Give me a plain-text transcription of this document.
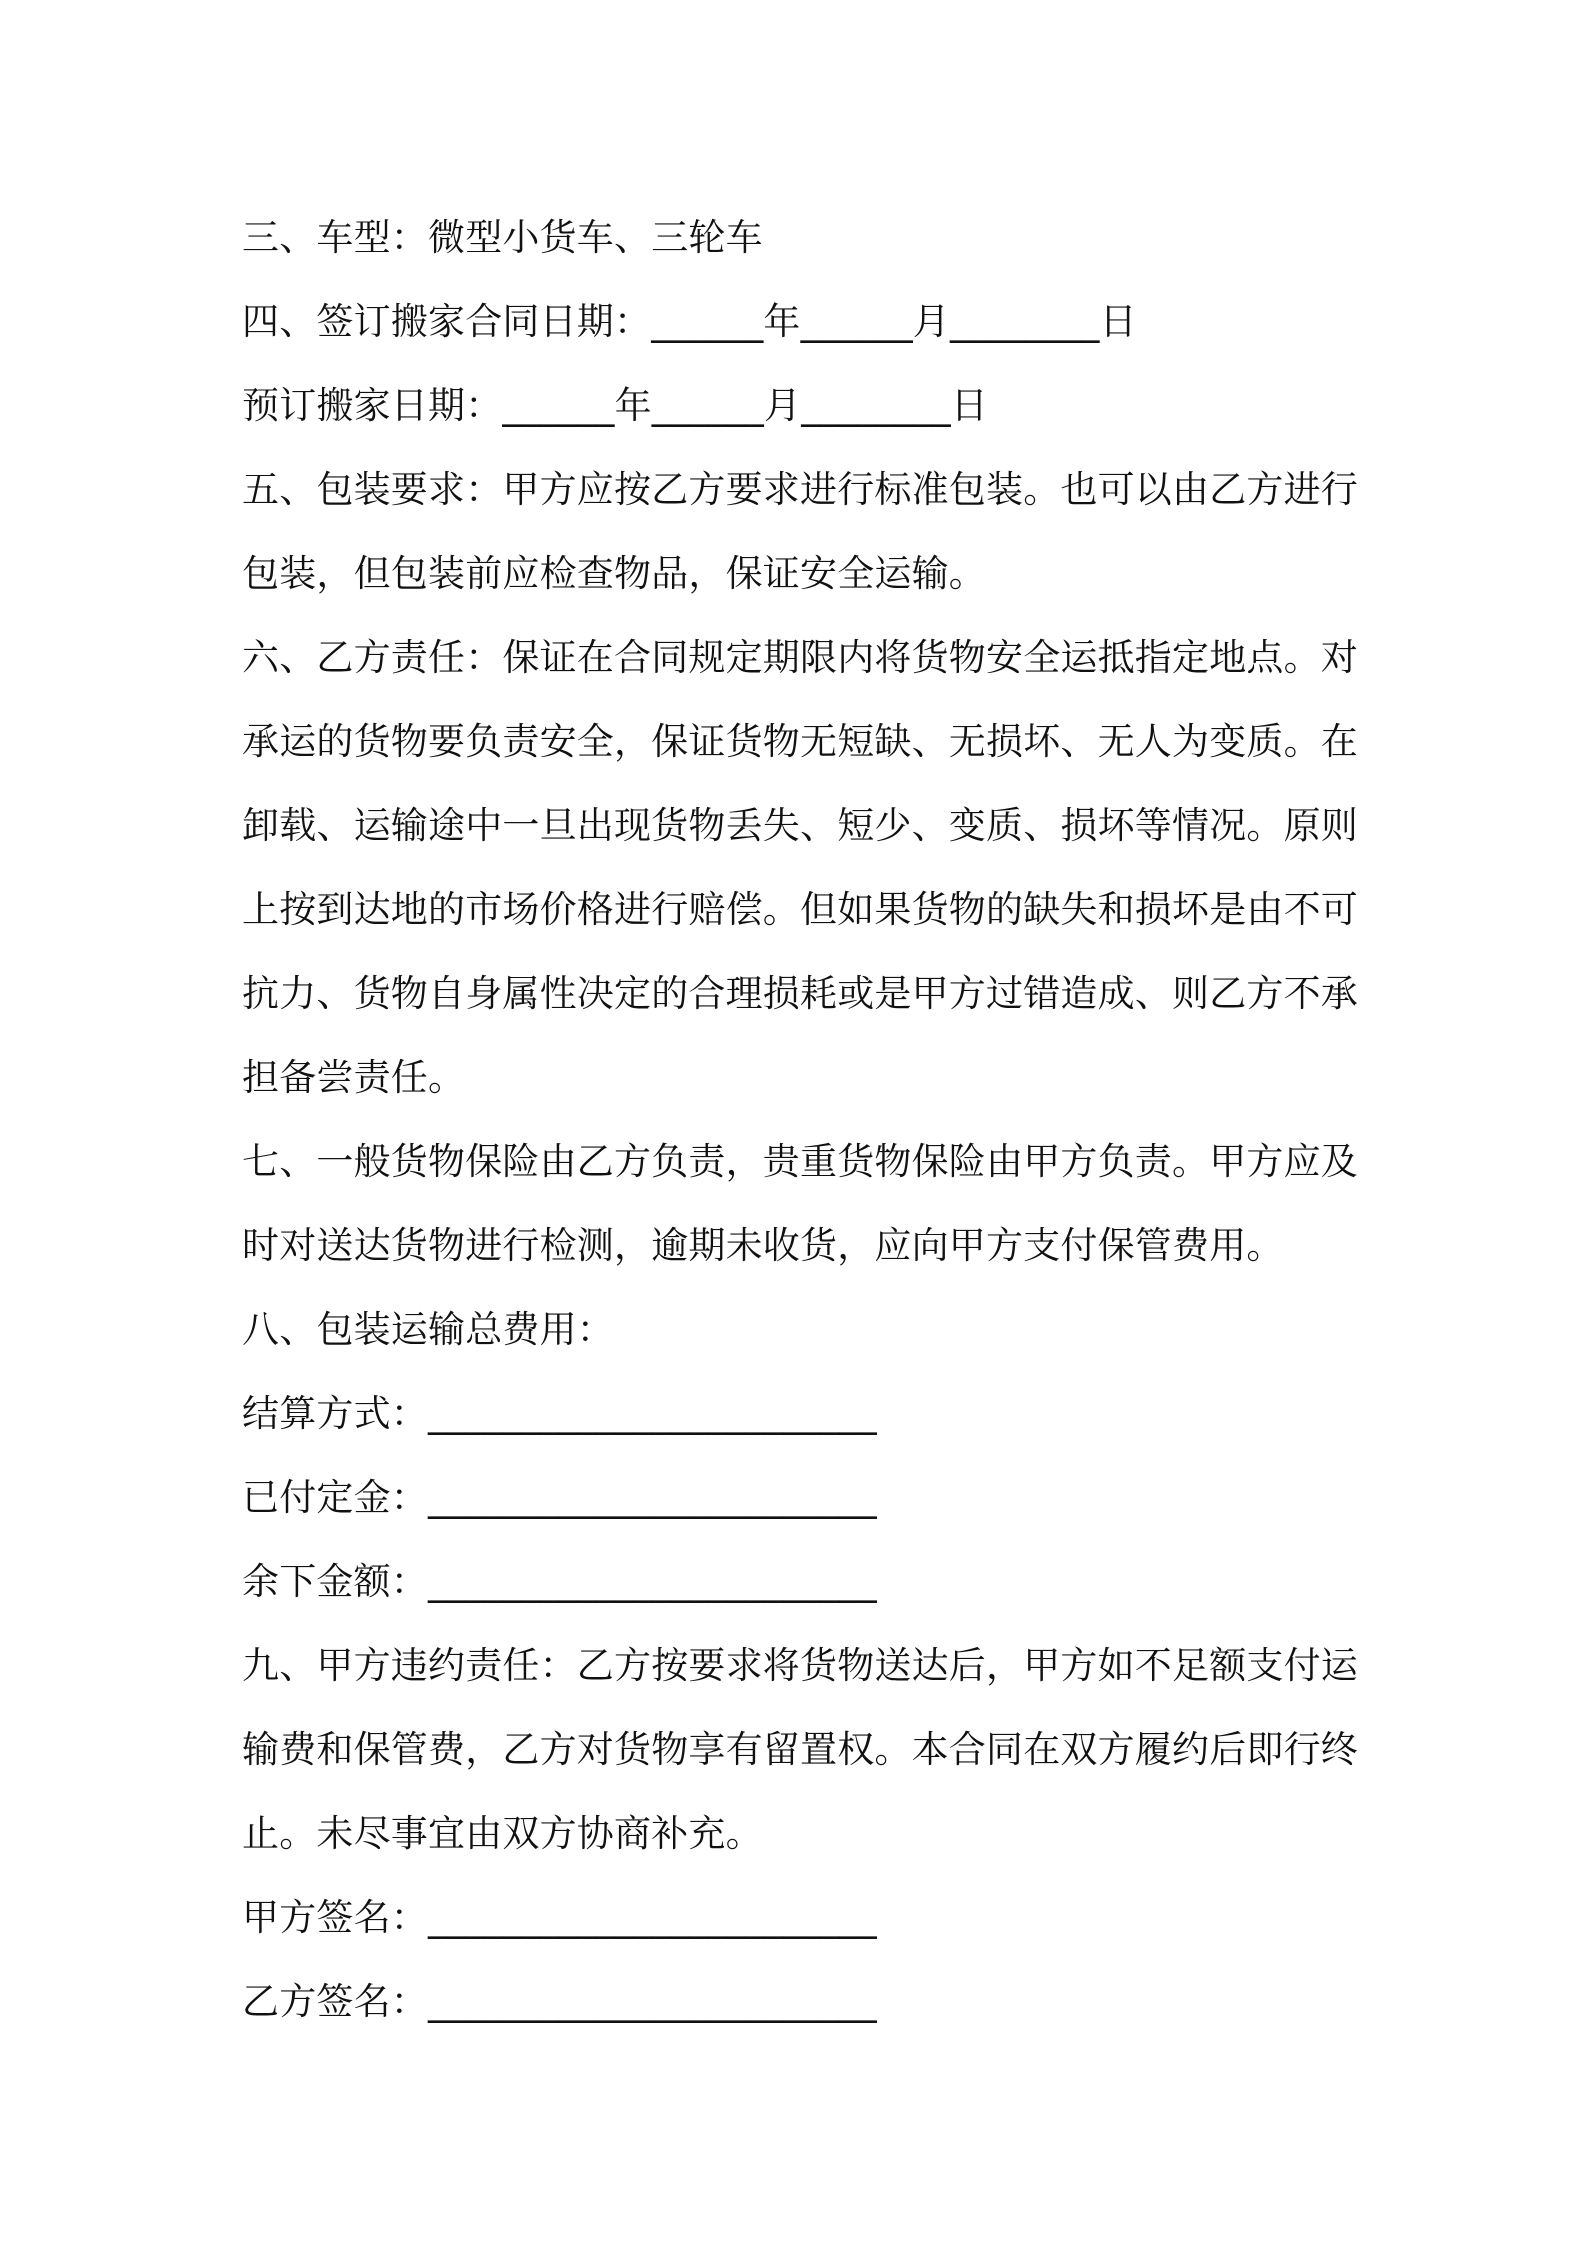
三、车型：微型小货车、三轮车
四、签订搬家合同日期：______年______月________日
预订搬家日期：______年______月________日
五、包装要求：甲方应按乙方要求进行标准包装。也可以由乙方进行
包装，但包装前应检查物品，保证安全运输。
六、乙方责任：保证在合同规定期限内将货物安全运抵指定地点。对
承运的货物要负责安全，保证货物无短缺、无损坏、无人为变质。在
卸载、运输途中一旦出现货物丢失、短少、变质、损坏等情况。原则
上按到达地的市场价格进行赔偿。但如果货物的缺失和损坏是由不可
抗力、货物自身属性决定的合理损耗或是甲方过错造成、则乙方不承
担备尝责任。
七、一般货物保险由乙方负责，贵重货物保险由甲方负责。甲方应及
时对送达货物进行检测，逾期未收货，应向甲方支付保管费用。
八、包装运输总费用：
结算方式：________________________
已付定金：________________________
余下金额：________________________
九、甲方违约责任：乙方按要求将货物送达后，甲方如不足额支付运
输费和保管费，乙方对货物享有留置权。本合同在双方履约后即行终
止。未尽事宜由双方协商补充。
甲方签名：________________________
乙方签名：________________________
